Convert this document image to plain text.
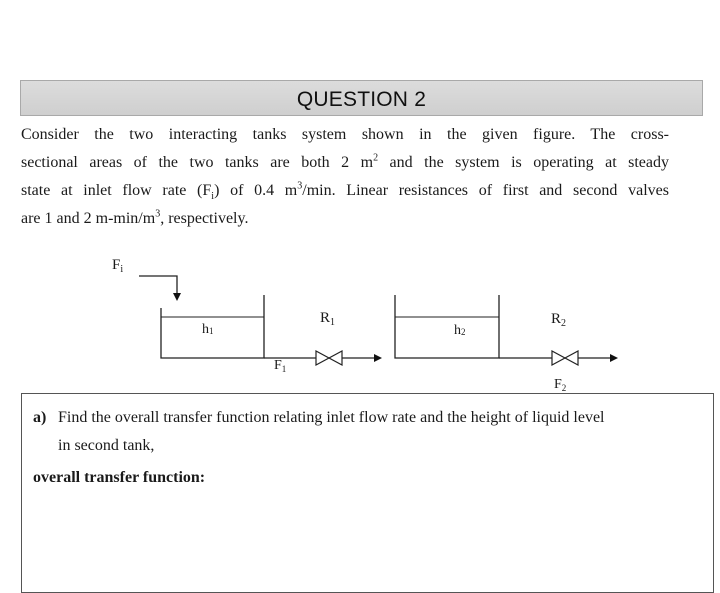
QUESTION 2
Consider the two interacting tanks system shown in the given figure. The cross-
sectional areas of the two tanks are both 2 $m^2$ and the system is operating at steady
state at inlet flow rate $(F_i)$ of 0.4 $m^3/\min$. Linear resistances of first and second valves
are 1 and 2 $m-\min/m^3$, respectively.
$F_i$
h1
$F_1$
$R_1$
h2
$R_2$
$F_2$

a) Find the overall transfer function relating inlet flow rate and the height of liquid level
in second tank,

overall transfer function:
